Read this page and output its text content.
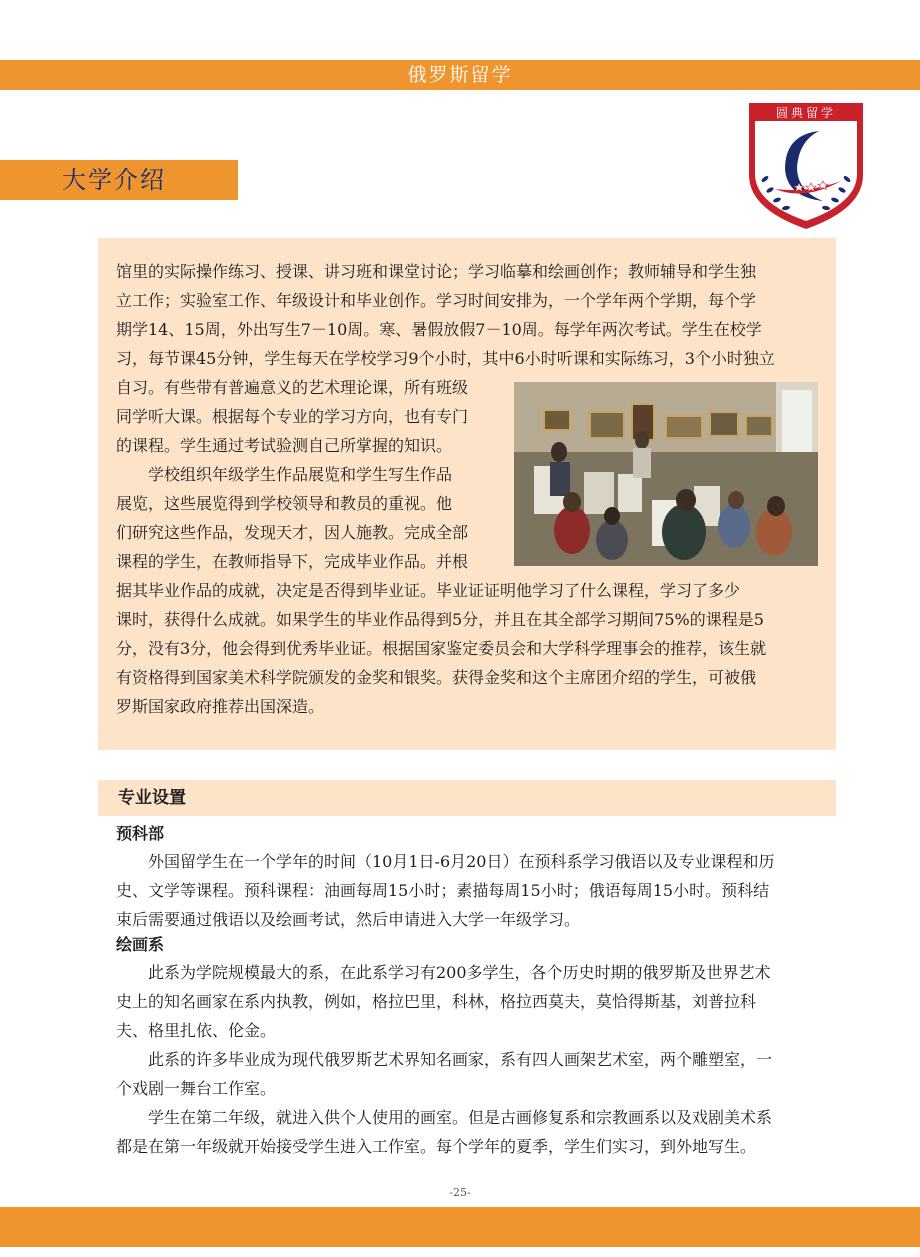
俄罗斯留学
圆典留学
大学介绍
馆里的实际操作练习、授课、讲习班和课堂讨论；学习临摹和绘画创作；教师辅导和学生独
立工作；实验室工作、年级设计和毕业创作。学习时间安排为，一个学年两个学期，每个学
期学14、15周，外出写生7－10周。寒、暑假放假7－10周。每学年两次考试。学生在校学
习，每节课45分钟，学生每天在学校学习9个小时，其中6小时听课和实际练习，3个小时独立
自习。有些带有普遍意义的艺术理论课，所有班级
同学听大课。根据每个专业的学习方向，也有专门
的课程。学生通过考试验测自己所掌握的知识。
学校组织年级学生作品展览和学生写生作品
展览，这些展览得到学校领导和教员的重视。他
们研究这些作品，发现天才，因人施教。完成全部
课程的学生，在教师指导下，完成毕业作品。并根
据其毕业作品的成就，决定是否得到毕业证。毕业证证明他学习了什么课程，学习了多少
课时，获得什么成就。如果学生的毕业作品得到5分，并且在其全部学习期间75%的课程是5
分，没有3分，他会得到优秀毕业证。根据国家鉴定委员会和大学科学理事会的推荐，该生就
有资格得到国家美术科学院颁发的金奖和银奖。获得金奖和这个主席团介绍的学生，可被俄
罗斯国家政府推荐出国深造。
专业设置
预科部
外国留学生在一个学年的时间（10月1日-6月20日）在预科系学习俄语以及专业课程和历
史、文学等课程。预科课程：油画每周15小时；素描每周15小时；俄语每周15小时。预科结
束后需要通过俄语以及绘画考试，然后申请进入大学一年级学习。
绘画系
此系为学院规模最大的系，在此系学习有200多学生，各个历史时期的俄罗斯及世界艺术
史上的知名画家在系内执教，例如，格拉巴里，科林，格拉西莫夫，莫恰得斯基，刘普拉科
夫、格里扎依、伦金。
此系的许多毕业成为现代俄罗斯艺术界知名画家，系有四人画架艺术室，两个雕塑室，一
个戏剧一舞台工作室。
学生在第二年级，就进入供个人使用的画室。但是古画修复系和宗教画系以及戏剧美术系
都是在第一年级就开始接受学生进入工作室。每个学年的夏季，学生们实习，到外地写生。
-25-
